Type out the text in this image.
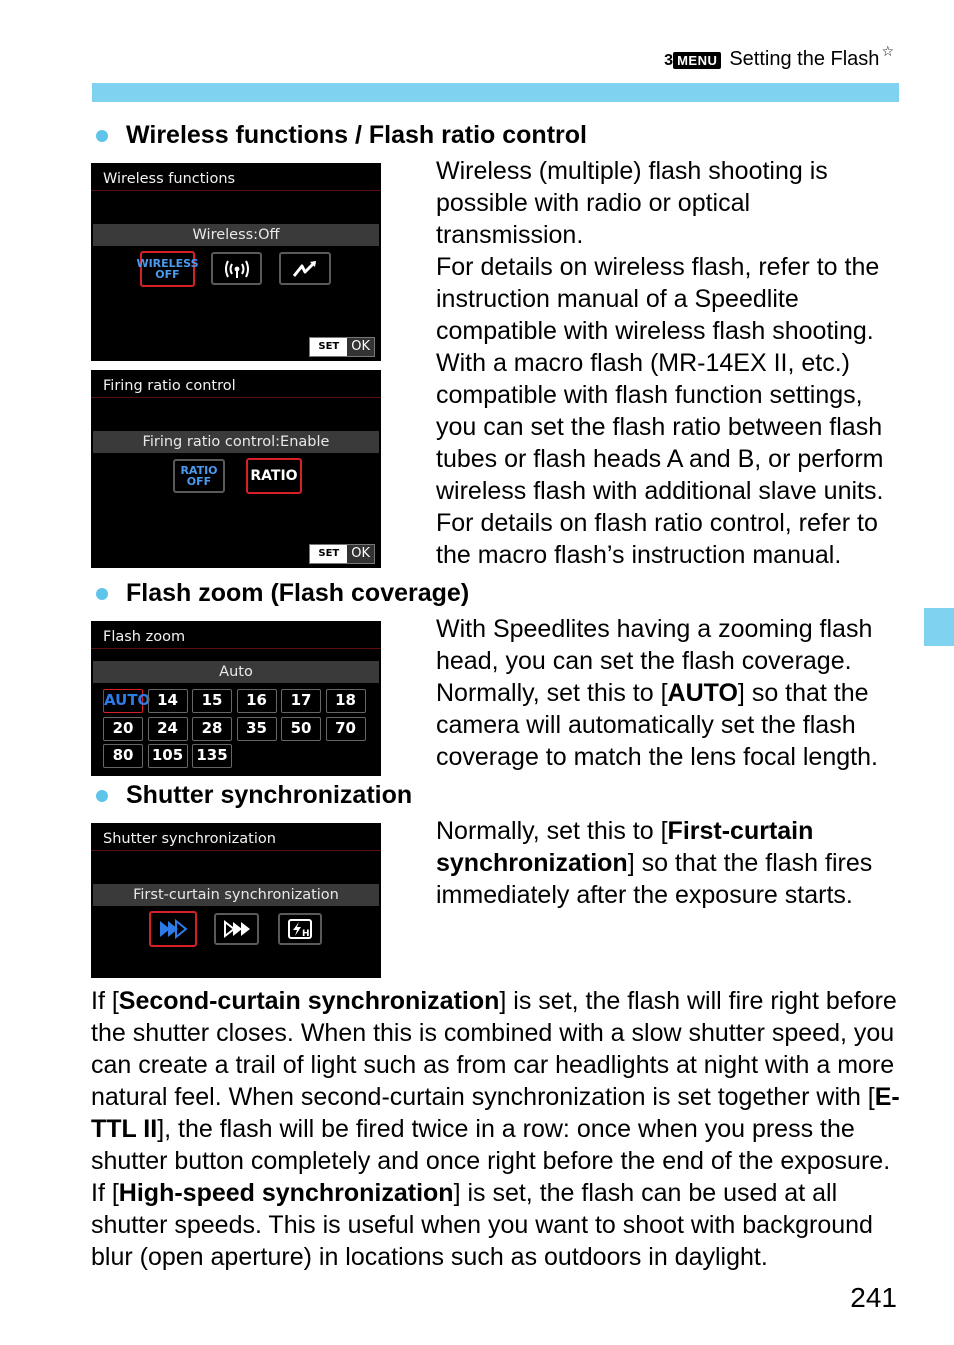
3 MENU Setting the Flash ☆
Wireless functions / Flash ratio control
Wireless functions
Wireless:Off
WIRELESS
OFF
SET OK
Firing ratio control
Firing ratio control:Enable
RATIO
OFF	RATIO
SET OK
Wireless (multiple) flash shooting is
possible with radio or optical
transmission.
For details on wireless flash, refer to the
instruction manual of a Speedlite
compatible with wireless flash shooting.
With a macro flash (MR-14EX II, etc.)
compatible with flash function settings,
you can set the flash ratio between flash
tubes or flash heads A and B, or perform
wireless flash with additional slave units.
For details on flash ratio control, refer to
the macro flash’s instruction manual.
Flash zoom (Flash coverage)
Flash zoom
Auto
AUTO 14	15	16	17	18
20	24	28	35	50	70
80	105 135
With Speedlites having a zooming flash
head, you can set the flash coverage.
Normally, set this to [AUTO] so that the
camera will automatically set the flash
coverage to match the lens focal length.
Shutter synchronization
Shutter synchronization
First-curtain synchronization
H
Normally, set this to [First-curtain
synchronization] so that the flash fires
immediately after the exposure starts.
If [Second-curtain synchronization] is set, the flash will fire right before
the shutter closes. When this is combined with a slow shutter speed, you
can create a trail of light such as from car headlights at night with a more
natural feel. When second-curtain synchronization is set together with [E-
TTL II], the flash will be fired twice in a row: once when you press the
shutter button completely and once right before the end of the exposure.
If [High-speed synchronization] is set, the flash can be used at all
shutter speeds. This is useful when you want to shoot with background
blur (open aperture) in locations such as outdoors in daylight.
241
